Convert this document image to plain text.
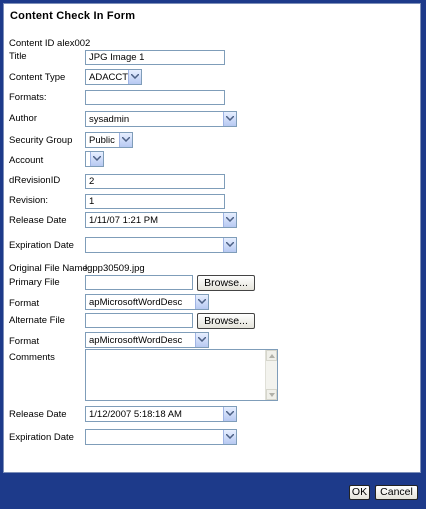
Content Check In Form
Content ID alex002
Title	JPG Image 1
Content Type ADACCT
Formats:
Author	sysadmin
Security Group Public
Account
dRevisionID	2
Revision:	1
Release Date 1/11/07 1:21 PM
Expiration Date
Original File Name
lgpp30509.jpg
Primary File	Browse...
Format	apMicrosoftWordDesc
Alternate File	Browse...
Format	apMicrosoftWordDesc
Comments
Release Date 1/12/2007 5:18:18 AM
Expiration Date
OK	Cancel
